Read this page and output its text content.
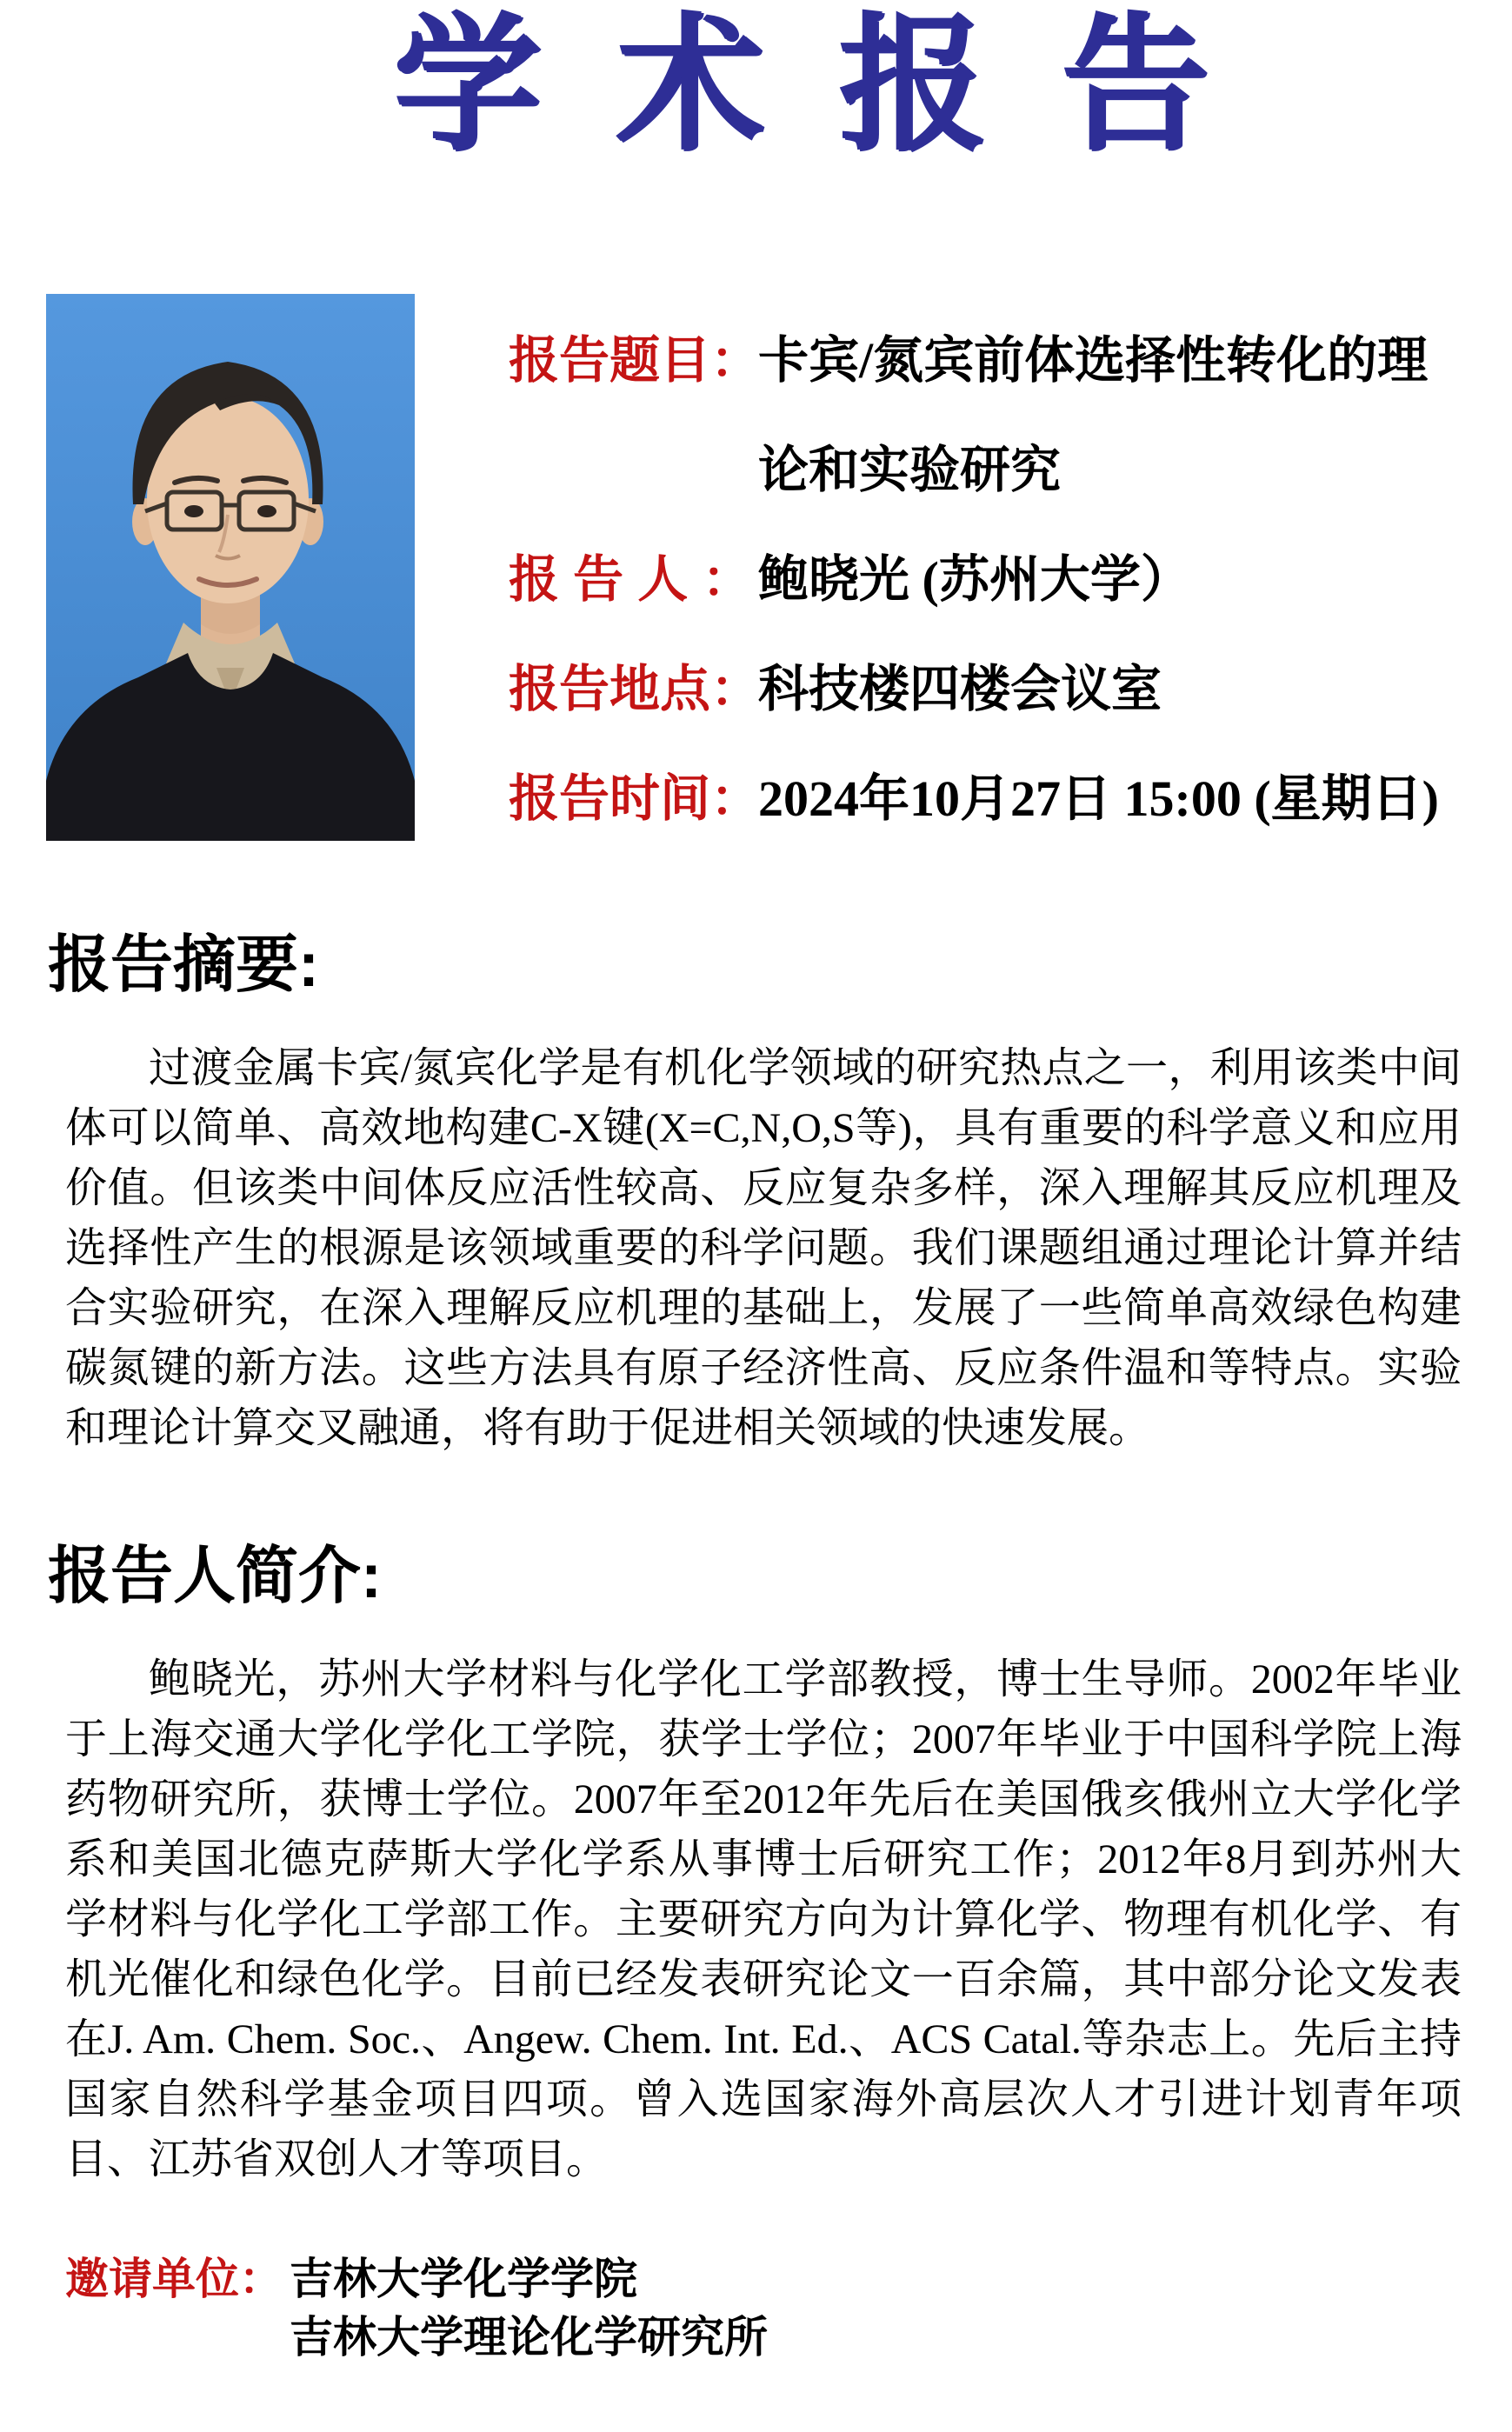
学术报告
报告题目：
卡宾/氮宾前体选择性转化的理
论和实验研究
报 告 人 ： 鲍晓光 (苏州大学）
报告地点：
科技楼四楼会议室
报告时间：
2024年10月27日 15:00 (星期日)
报告摘要:

过渡金属卡宾/氮宾化学是有机化学领域的研究热点之一，利用该类中间体可以简单、高效地构建C-X键(X=C,N,O,S等)，具有重要的科学意义和应用价值。但该类中间体反应活性较高、反应复杂多样，深入理解其反应机理及选择性产生的根源是该领域重要的科学问题。我们课题组通过理论计算并结合实验研究，在深入理解反应机理的基础上，发展了一些简单高效绿色构建碳氮键的新方法。这些方法具有原子经济性高、反应条件温和等特点。实验和理论计算交叉融通，将有助于促进相关领域的快速发展。

报告人简介:

鲍晓光，苏州大学材料与化学化工学部教授，博士生导师。2002年毕业于上海交通大学化学化工学院，获学士学位；2007年毕业于中国科学院上海药物研究所，获博士学位。2007年至2012年先后在美国俄亥俄州立大学化学系和美国北德克萨斯大学化学系从事博士后研究工作；2012年8月到苏州大学材料与化学化工学部工作。主要研究方向为计算化学、物理有机化学、有机光催化和绿色化学。目前已经发表研究论文一百余篇，其中部分论文发表在J. Am. Chem. Soc.、Angew. Chem. Int. Ed.、ACS Catal.等杂志上。先后主持国家自然科学基金项目四项。曾入选国家海外高层次人才引进计划青年项目、江苏省双创人才等项目。

邀请单位： 吉林大学化学学院
吉林大学理论化学研究所
